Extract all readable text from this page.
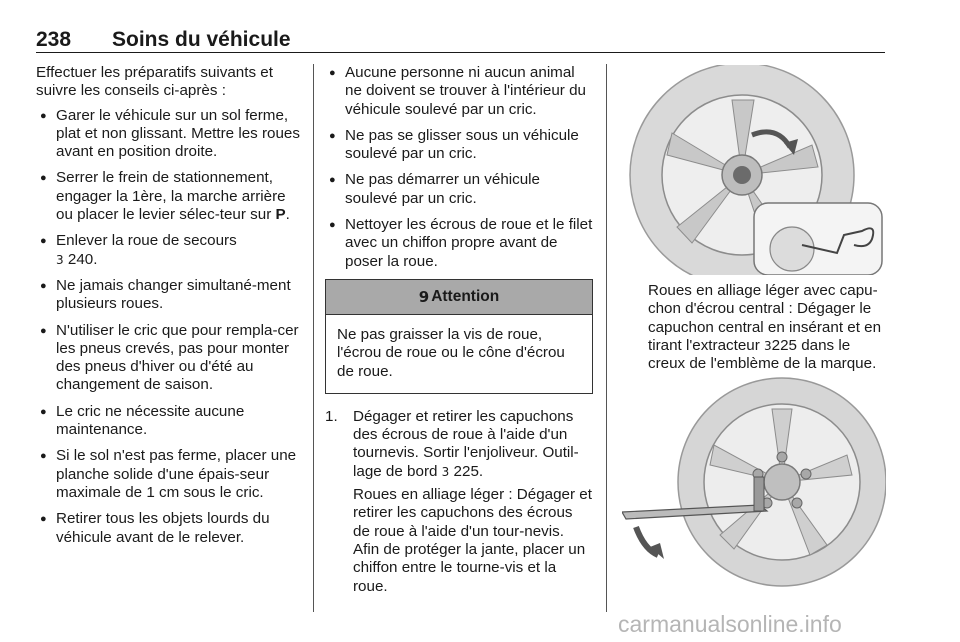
238 Soins du véhicule

Effectuer les préparatifs suivants et suivre les conseils ci-après :

● Garer le véhicule sur un sol ferme, plat et non glissant. Mettre les roues avant en position droite.
● Serrer le frein de stationnement, engager la 1ère, la marche arrière ou placer le levier sélec-teur sur P.
● Enlever la roue de secours
3 240.
● Ne jamais changer simultané-ment plusieurs roues.
● N'utiliser le cric que pour rempla-cer les pneus crevés, pas pour monter des pneus d'hiver ou d'été au changement de saison.
● Le cric ne nécessite aucune maintenance.
● Si le sol n'est pas ferme, placer une planche solide d'une épais-seur maximale de 1 cm sous le cric.
● Retirer tous les objets lourds du véhicule avant de le relever.
● Aucune personne ni aucun animal ne doivent se trouver à l'intérieur du véhicule soulevé par un cric.
● Ne pas se glisser sous un véhicule soulevé par un cric.
● Ne pas démarrer un véhicule soulevé par un cric.
● Nettoyer les écrous de roue et le filet avec un chiffon propre avant de poser la roue.
9 Attention
Ne pas graisser la vis de roue, l'écrou de roue ou le cône d'écrou de roue.
1. Dégager et retirer les capuchons des écrous de roue à l'aide d'un tournevis. Sortir l'enjoliveur. Outil-lage de bord 3 225.

Roues en alliage léger : Dégager et retirer les capuchons des écrous de roue à l'aide d'un tour-nevis. Afin de protéger la jante, placer un chiffon entre le tourne-vis et la roue.

Roues en alliage léger avec capu-chon d'écrou central : Dégager le capuchon central en insérant et en tirant l'extracteur 3225 dans le creux de l'emblème de la marque.

carmanualsonline.info
